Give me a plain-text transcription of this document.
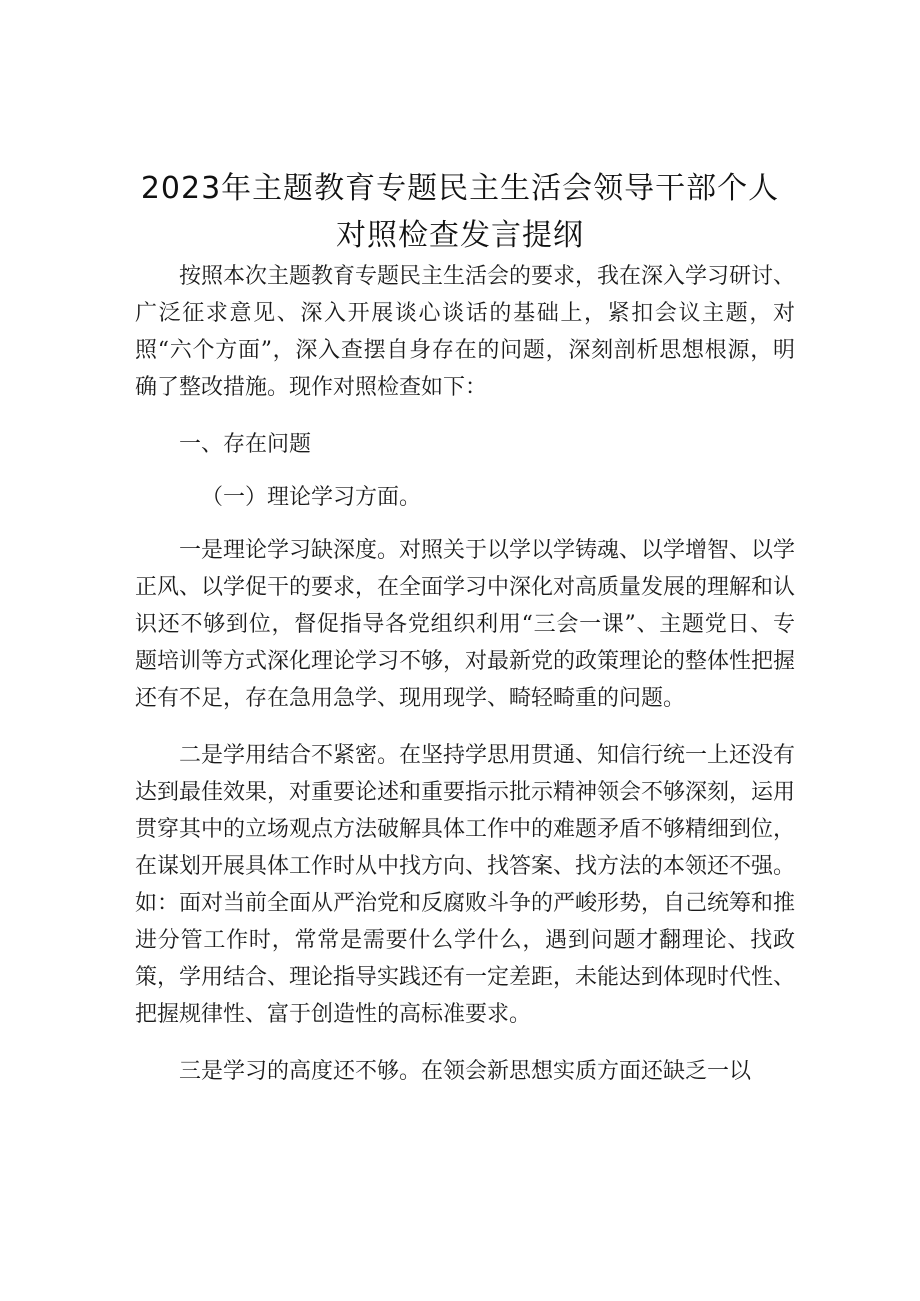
2023年主题教育专题民主生活会领导干部个人
对照检查发言提纲

按照本次主题教育专题民主生活会的要求，我在深入学习研讨、广泛征求意见、深入开展谈心谈话的基础上，紧扣会议主题，对照“六个方面”，深入查摆自身存在的问题，深刻剖析思想根源，明确了整改措施。现作对照检查如下：

一、存在问题

（一）理论学习方面。

一是理论学习缺深度。对照关于以学以学铸魂、以学增智、以学正风、以学促干的要求，在全面学习中深化对高质量发展的理解和认识还不够到位，督促指导各党组织利用“三会一课”、主题党日、专题培训等方式深化理论学习不够，对最新党的政策理论的整体性把握还有不足，存在急用急学、现用现学、畸轻畸重的问题。

二是学用结合不紧密。在坚持学思用贯通、知信行统一上还没有达到最佳效果，对重要论述和重要指示批示精神领会不够深刻，运用贯穿其中的立场观点方法破解具体工作中的难题矛盾不够精细到位，在谋划开展具体工作时从中找方向、找答案、找方法的本领还不强。如：面对当前全面从严治党和反腐败斗争的严峻形势，自己统筹和推进分管工作时，常常是需要什么学什么，遇到问题才翻理论、找政策，学用结合、理论指导实践还有一定差距，未能达到体现时代性、把握规律性、富于创造性的高标准要求。

三是学习的高度还不够。在领会新思想实质方面还缺乏一以
